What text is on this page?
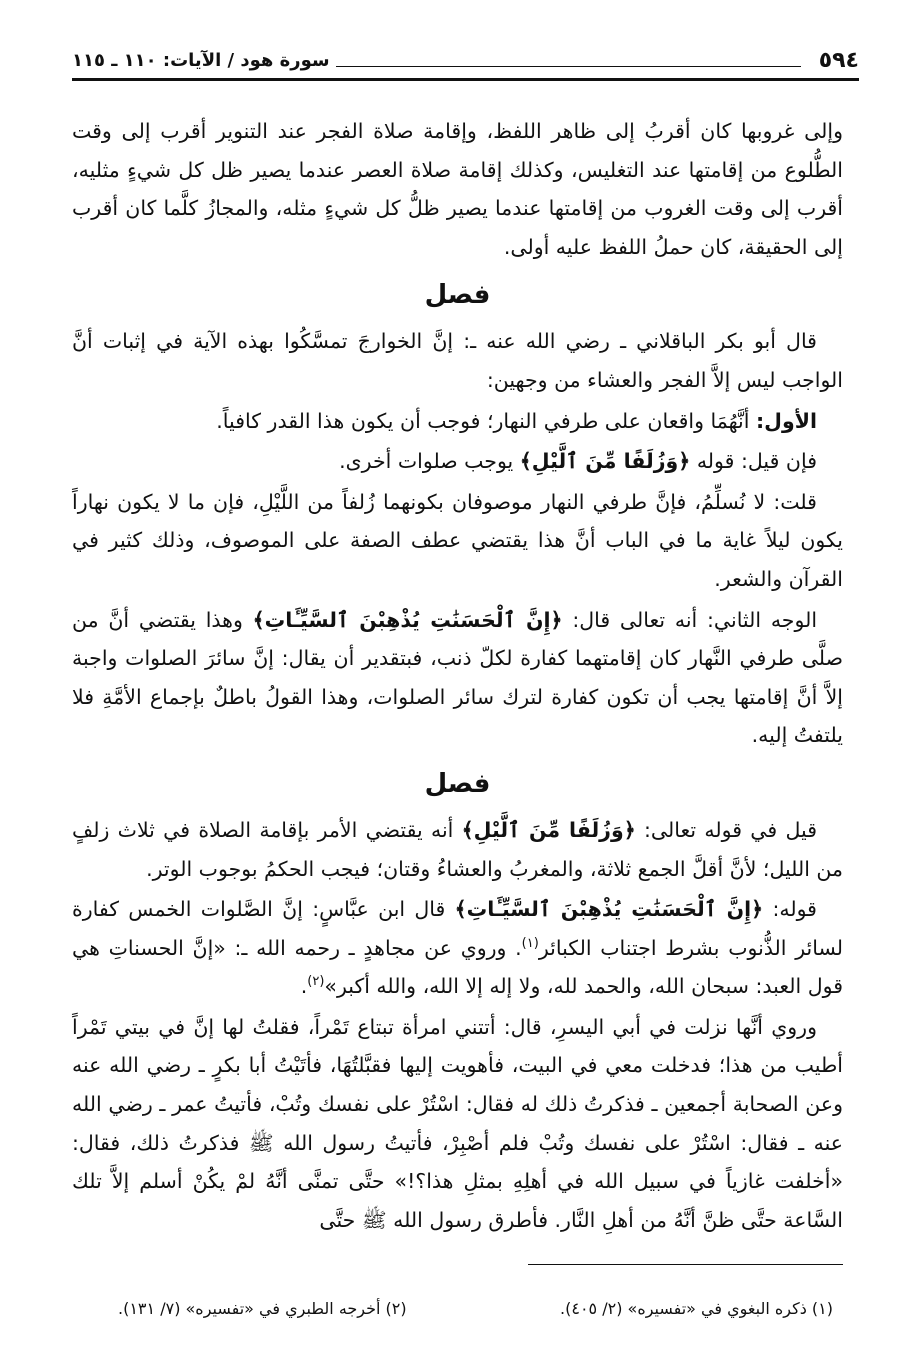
٥٩٤
سورة هود / الآيات: ١١٠ ـ ١١٥

وإلى غروبها كان أقربُ إلى ظاهر اللفظ، وإقامة صلاة الفجر عند التنوير أقرب إلى وقت الطُّلوع من إقامتها عند التغليس، وكذلك إقامة صلاة العصر عندما يصير ظل كل شيءٍ مثليه، أقرب إلى وقت الغروب من إقامتها عندما يصير ظلُّ كل شيءٍ مثله، والمجازُ كلَّما كان أقرب إلى الحقيقة، كان حملُ اللفظ عليه أولى.

فصل

قال أبو بكر الباقلاني ـ رضي الله عنه ـ: إنَّ الخوارجَ تمسَّكُوا بهذه الآية في إثبات أنَّ الواجب ليس إلاَّ الفجر والعشاء من وجهين:

الأول: أنَّهُمَا واقعان على طرفي النهار؛ فوجب أن يكون هذا القدر كافياً.

فإن قيل: قوله ﴿وَزُلَفًا مِّنَ ٱلَّيْلِ﴾ يوجب صلوات أخرى.

قلت: لا نُسلِّمُ، فإنَّ طرفي النهار موصوفان بكونهما زُلفاً من اللَّيْلِ، فإن ما لا يكون نهاراً يكون ليلاً غاية ما في الباب أنَّ هذا يقتضي عطف الصفة على الموصوف، وذلك كثير في القرآن والشعر.

الوجه الثاني: أنه تعالى قال: ﴿إِنَّ ٱلْحَسَنَٰتِ يُذْهِبْنَ ٱلسَّيِّـَٔاتِ﴾ وهذا يقتضي أنَّ من صلَّى طرفي النَّهار كان إقامتهما كفارة لكلّ ذنب، فبتقدير أن يقال: إنَّ سائرَ الصلوات واجبة إلاَّ أنَّ إقامتها يجب أن تكون كفارة لترك سائر الصلوات، وهذا القولُ باطلٌ بإجماع الأمَّةِ فلا يلتفتُ إليه.

فصل

قيل في قوله تعالى: ﴿وَزُلَفًا مِّنَ ٱلَّيْلِ﴾ أنه يقتضي الأمر بإقامة الصلاة في ثلاث زلفٍ من الليل؛ لأنَّ أقلَّ الجمع ثلاثة، والمغربُ والعشاءُ وقتان؛ فيجب الحكمُ بوجوب الوتر.

قوله: ﴿إِنَّ ٱلْحَسَنَٰتِ يُذْهِبْنَ ٱلسَّيِّـَٔاتِ﴾ قال ابن عبَّاسٍ: إنَّ الصَّلوات الخمس كفارة لسائر الذُّنوب بشرط اجتناب الكبائر$^{(١)}$. وروي عن مجاهدٍ ـ رحمه الله ـ: «إنَّ الحسناتِ هي قول العبد: سبحان الله، والحمد لله، ولا إله إلا الله، والله أكبر»$^{(٢)}$.

وروي أنَّها نزلت في أبي اليسرِ، قال: أتتني امرأة تبتاع تَمْراً، فقلتُ لها إنَّ في بيتي تَمْراً أطيب من هذا؛ فدخلت معي في البيت، فأهويت إليها فقبَّلتُهَا، فأتَيْتُ أبا بكرٍ ـ رضي الله عنه وعن الصحابة أجمعين ـ فذكرتُ ذلك له فقال: اسْتُرْ على نفسك وتُبْ، فأتيتُ عمر ـ رضي الله عنه ـ فقال: اسْتُرْ على نفسك وتُبْ فلم أصْبِرْ، فأتيتُ رسول الله ﷺ فذكرتُ ذلك، فقال: «أخلفت غازياً في سبيل الله في أهلِهِ بمثلِ هذا؟!» حتَّى تمنَّى أنَّهُ لمْ يكُنْ أسلم إلاَّ تلك السَّاعة حتَّى ظنَّ أنَّهُ من أهلِ النَّار. فأطرق رسول الله ﷺ حتَّى

(١) ذكره البغوي في «تفسيره» (٢/ ٤٠٥).
(٢) أخرجه الطبري في «تفسيره» (٧/ ١٣١).
